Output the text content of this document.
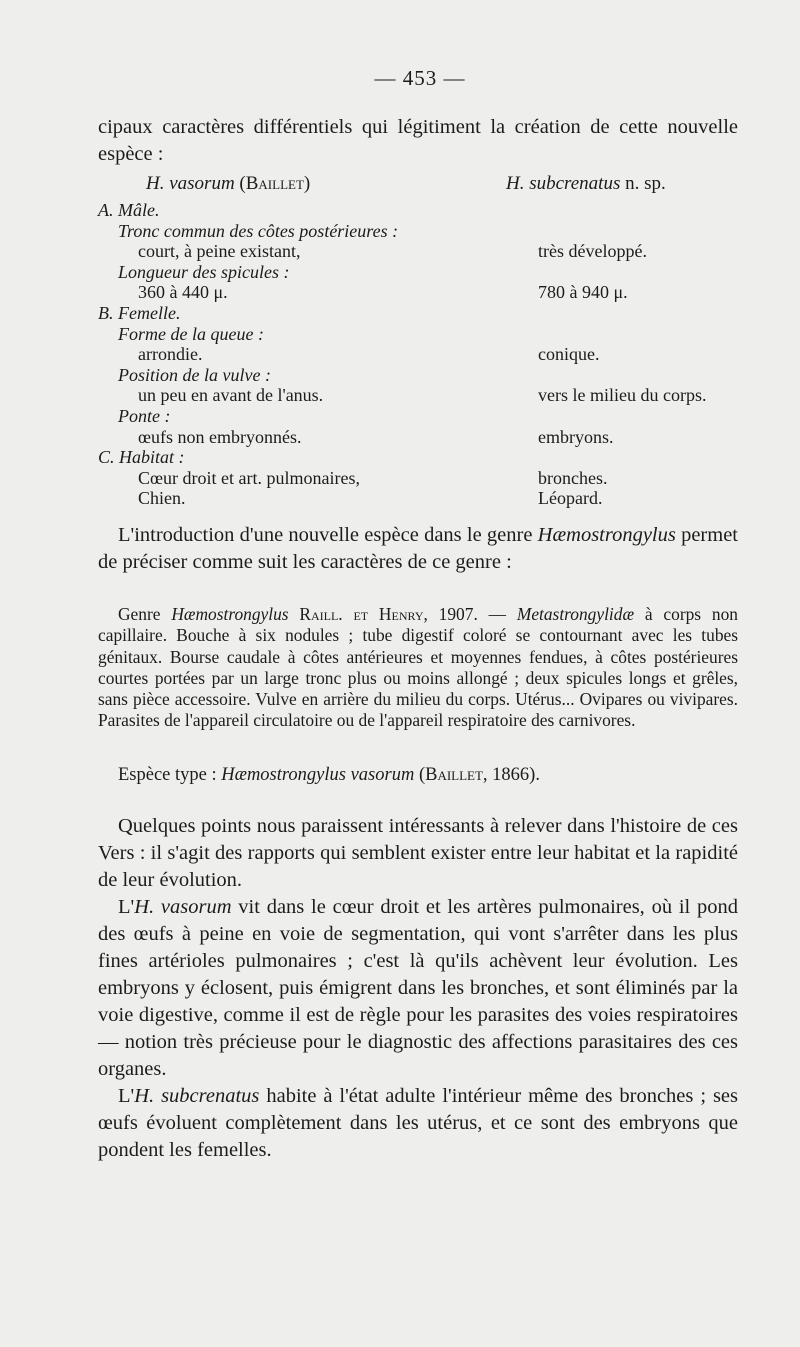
— 453 —
cipaux caractères différentiels qui légitiment la création de cette nouvelle espèce :
H. vasorum (Baillet)	H. subcrenatus n. sp.
A. Mâle.
Tronc commun des côtes postérieures :
court, à peine existant,	très développé.
Longueur des spicules :
360 à 440 μ.	780 à 940 μ.
B. Femelle.
Forme de la queue :
arrondie.	conique.
Position de la vulve :
un peu en avant de l'anus.	vers le milieu du corps.
Ponte :
œufs non embryonnés.	embryons.
C. Habitat :
Cœur droit et art. pulmonaires,	bronches.
Chien.	Léopard.
L'introduction d'une nouvelle espèce dans le genre Hæmostrongylus permet de préciser comme suit les caractères de ce genre :
Genre Hæmostrongylus Raill. et Henry, 1907. — Metastrongylidæ à corps non capillaire. Bouche à six nodules ; tube digestif coloré se contournant avec les tubes génitaux. Bourse caudale à côtes antérieures et moyennes fendues, à côtes postérieures courtes portées par un large tronc plus ou moins allongé ; deux spicules longs et grêles, sans pièce accessoire. Vulve en arrière du milieu du corps. Utérus... Ovipares ou vivipares. Parasites de l'appareil circulatoire ou de l'appareil respiratoire des carnivores.
Espèce type : Hæmostrongylus vasorum (Baillet, 1866).

Quelques points nous paraissent intéressants à relever dans l'histoire de ces Vers : il s'agit des rapports qui semblent exister entre leur habitat et la rapidité de leur évolution.

L'H. vasorum vit dans le cœur droit et les artères pulmonaires, où il pond des œufs à peine en voie de segmentation, qui vont s'arrêter dans les plus fines artérioles pulmonaires ; c'est là qu'ils achèvent leur évolution. Les embryons y éclosent, puis émigrent dans les bronches, et sont éliminés par la voie digestive, comme il est de règle pour les parasites des voies respiratoires — notion très précieuse pour le diagnostic des affections parasitaires des ces organes.

L'H. subcrenatus habite à l'état adulte l'intérieur même des bronches ; ses œufs évoluent complètement dans les utérus, et ce sont des embryons que pondent les femelles.
